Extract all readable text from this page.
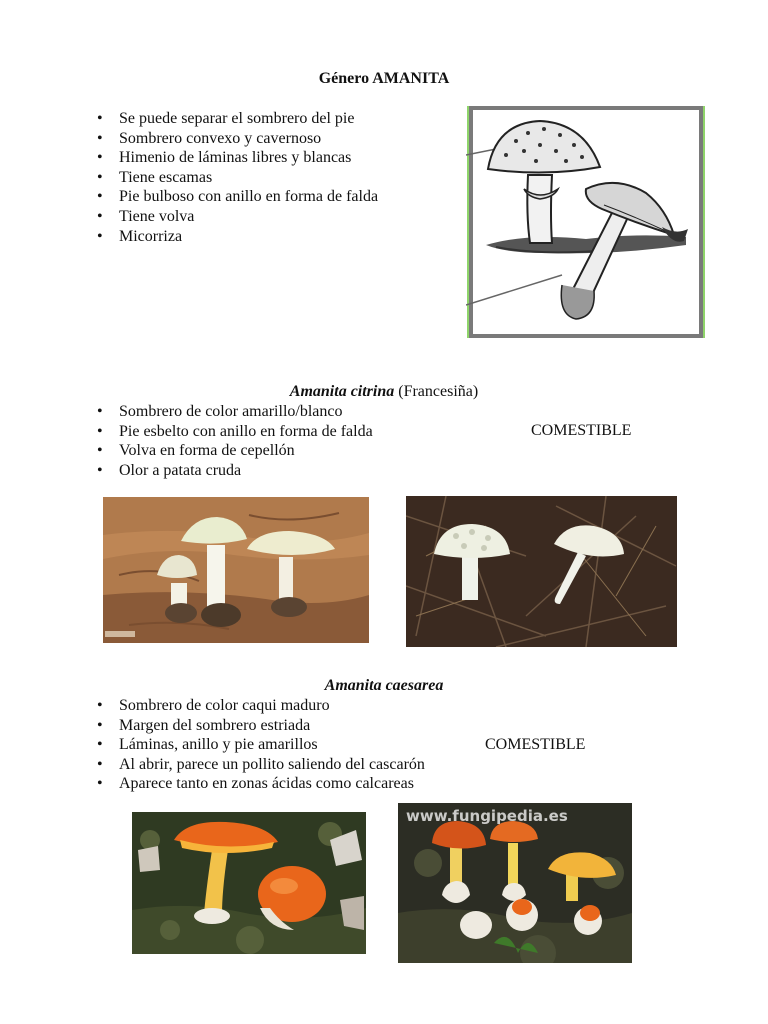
Género AMANITA
• Se puede separar el sombrero del pie
• Sombrero convexo y cavernoso
• Himenio de láminas libres y blancas
• Tiene escamas
• Pie bulboso con anillo en forma de falda
• Tiene volva
• Micorriza
Amanita citrina (Francesiña)
• Sombrero de color amarillo/blanco
• Pie esbelto con anillo en forma de falda
• Volva en forma de cepellón
• Olor a patata cruda
COMESTIBLE
Amanita caesarea
• Sombrero de color caqui maduro
• Margen del sombrero estriada
• Láminas, anillo y pie amarillos
• Al abrir, parece un pollito saliendo del cascarón
• Aparece tanto en zonas ácidas como calcareas
COMESTIBLE
www.fungipedia.es
